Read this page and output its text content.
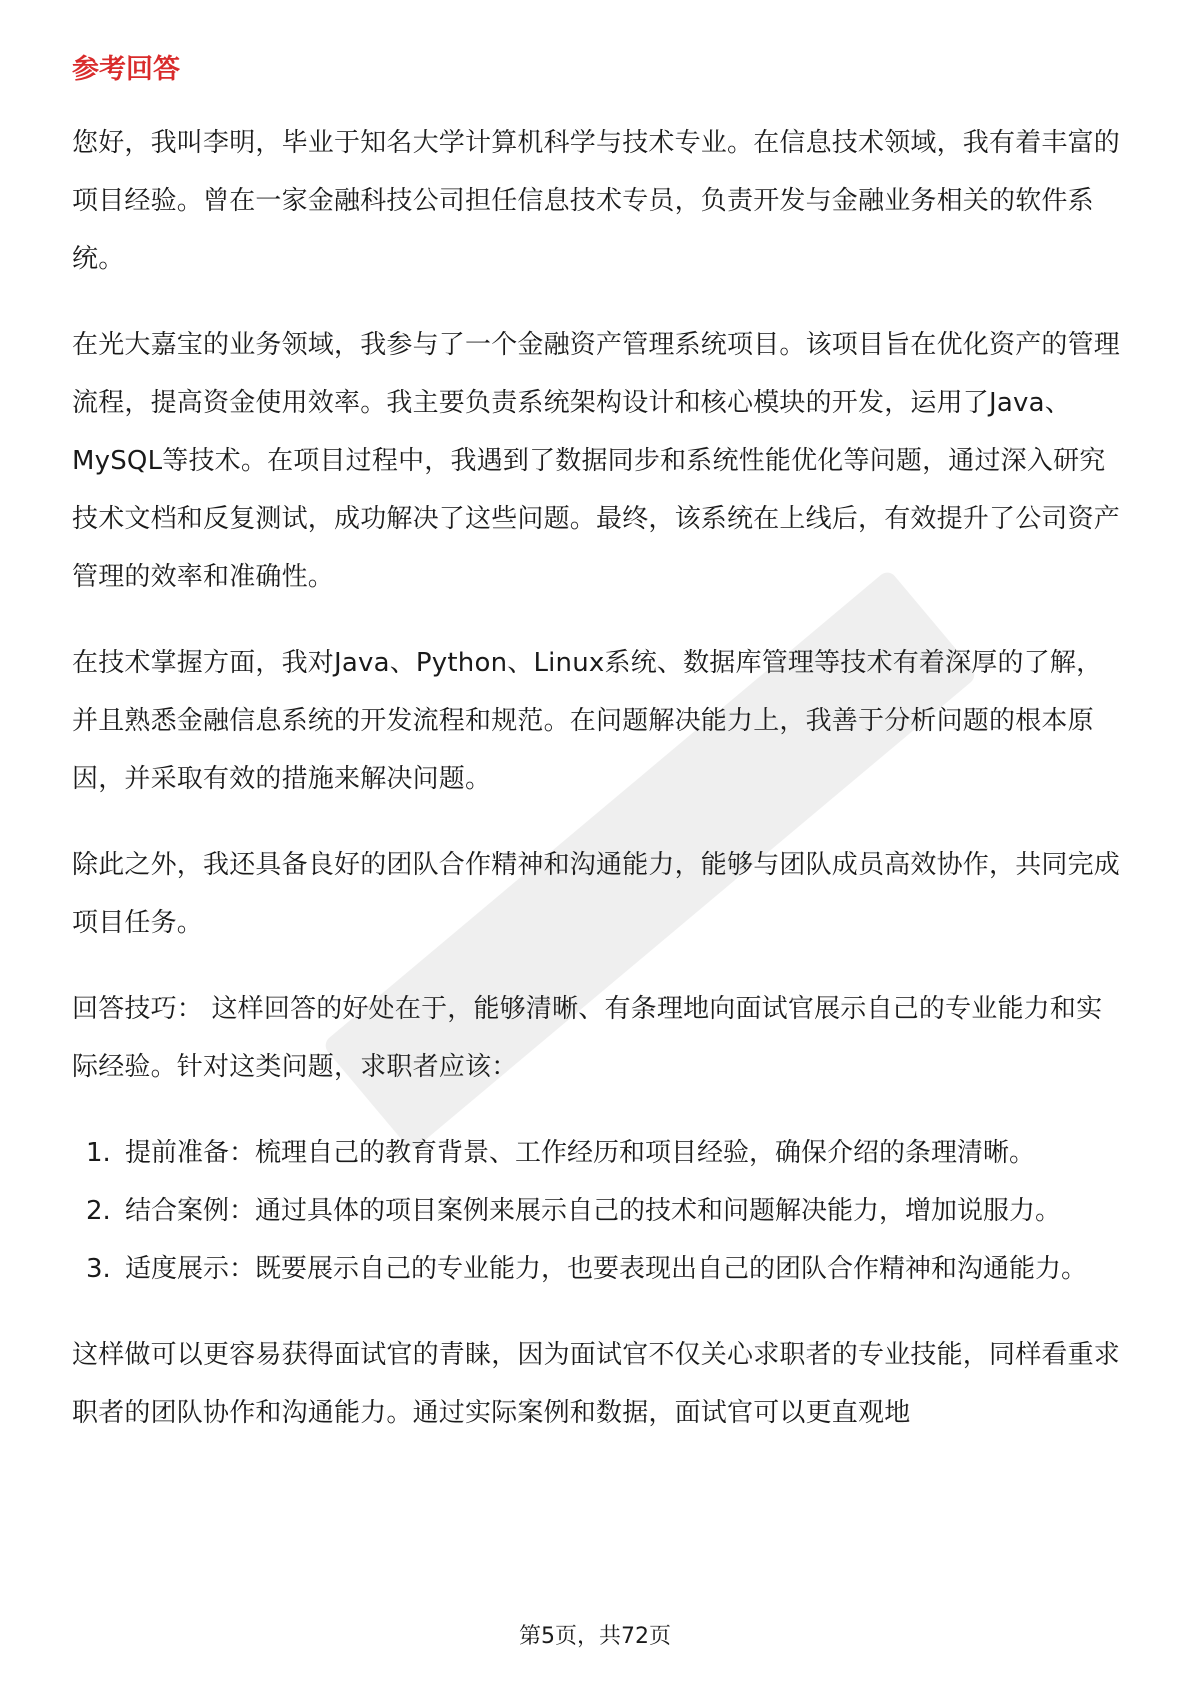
参考回答

您好，我叫李明，毕业于知名大学计算机科学与技术专业。在信息技术领域，我有着丰富的项目经验。曾在一家金融科技公司担任信息技术专员，负责开发与金融业务相关的软件系统。

在光大嘉宝的业务领域，我参与了一个金融资产管理系统项目。该项目旨在优化资产的管理流程，提高资金使用效率。我主要负责系统架构设计和核心模块的开发，运用了Java、MySQL等技术。在项目过程中，我遇到了数据同步和系统性能优化等问题，通过深入研究技术文档和反复测试，成功解决了这些问题。最终，该系统在上线后，有效提升了公司资产管理的效率和准确性。

在技术掌握方面，我对Java、Python、Linux系统、数据库管理等技术有着深厚的了解，并且熟悉金融信息系统的开发流程和规范。在问题解决能力上，我善于分析问题的根本原因，并采取有效的措施来解决问题。

除此之外，我还具备良好的团队合作精神和沟通能力，能够与团队成员高效协作，共同完成项目任务。

回答技巧： 这样回答的好处在于，能够清晰、有条理地向面试官展示自己的专业能力和实际经验。针对这类问题，求职者应该：

1. 提前准备：梳理自己的教育背景、工作经历和项目经验，确保介绍的条理清晰。
2. 结合案例：通过具体的项目案例来展示自己的技术和问题解决能力，增加说服力。
3. 适度展示：既要展示自己的专业能力，也要表现出自己的团队合作精神和沟通能力。

这样做可以更容易获得面试官的青睐，因为面试官不仅关心求职者的专业技能，同样看重求职者的团队协作和沟通能力。通过实际案例和数据，面试官可以更直观地

第5页，共72页
